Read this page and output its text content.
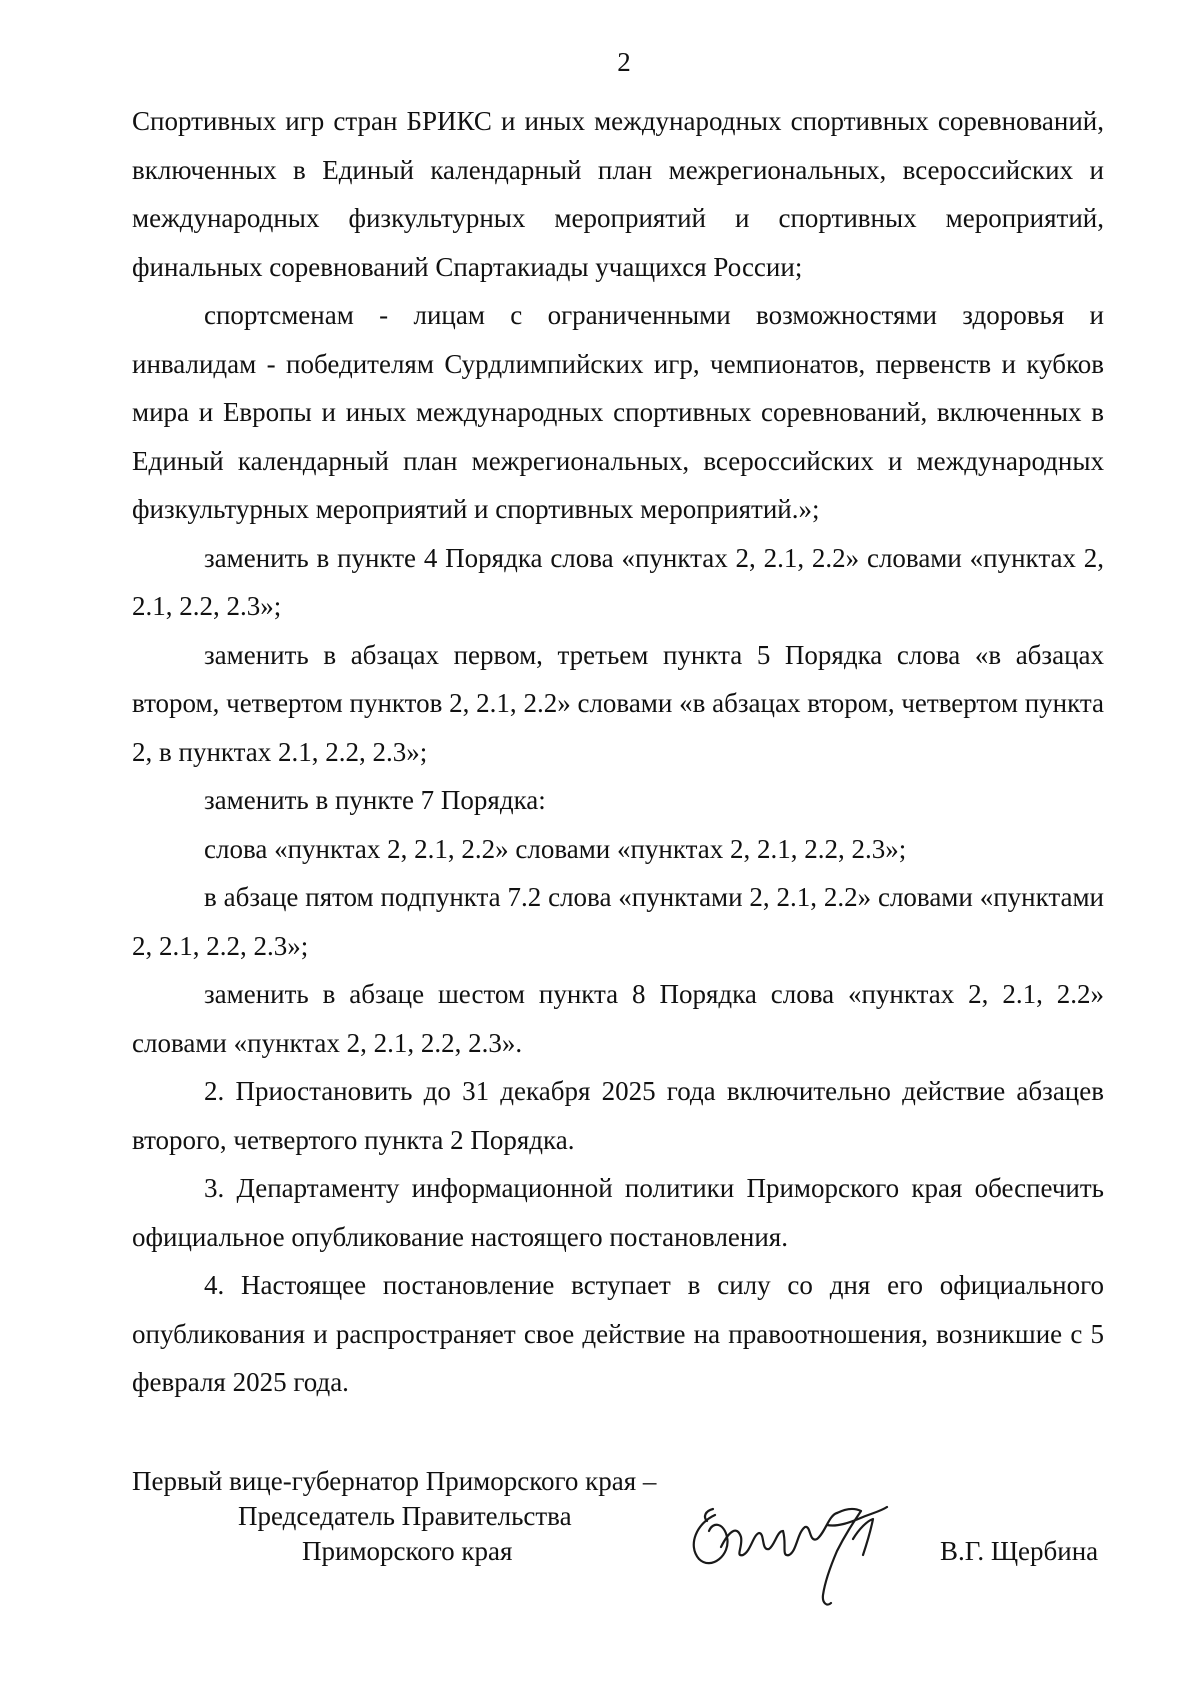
2

Спортивных игр стран БРИКС и иных международных спортивных соревнований, включенных в Единый календарный план межрегиональных, всероссийских и международных физкультурных мероприятий и спортивных мероприятий, финальных соревнований Спартакиады учащихся России;

спортсменам - лицам с ограниченными возможностями здоровья и инвалидам - победителям Сурдлимпийских игр, чемпионатов, первенств и кубков мира и Европы и иных международных спортивных соревнований, включенных в Единый календарный план межрегиональных, всероссийских и международных физкультурных мероприятий и спортивных мероприятий.»;

заменить в пункте 4 Порядка слова «пунктах 2, 2.1, 2.2» словами «пунктах 2, 2.1, 2.2, 2.3»;

заменить в абзацах первом, третьем пункта 5 Порядка слова «в абзацах втором, четвертом пунктов 2, 2.1, 2.2» словами «в абзацах втором, четвертом пункта 2, в пунктах 2.1, 2.2, 2.3»;

заменить в пункте 7 Порядка:

слова «пунктах 2, 2.1, 2.2» словами «пунктах 2, 2.1, 2.2, 2.3»;

в абзаце пятом подпункта 7.2 слова «пунктами 2, 2.1, 2.2» словами «пунктами 2, 2.1, 2.2, 2.3»;

заменить в абзаце шестом пункта 8 Порядка слова «пунктах 2, 2.1, 2.2» словами «пунктах 2, 2.1, 2.2, 2.3».

2. Приостановить до 31 декабря 2025 года включительно действие абзацев второго, четвертого пункта 2 Порядка.

3. Департаменту информационной политики Приморского края обеспечить официальное опубликование настоящего постановления.

4. Настоящее постановление вступает в силу со дня его официального опубликования и распространяет свое действие на правоотношения, возникшие с 5 февраля 2025 года.

Первый вице-губернатор Приморского края –
Председатель Правительства
Приморского края	В.Г. Щербина
